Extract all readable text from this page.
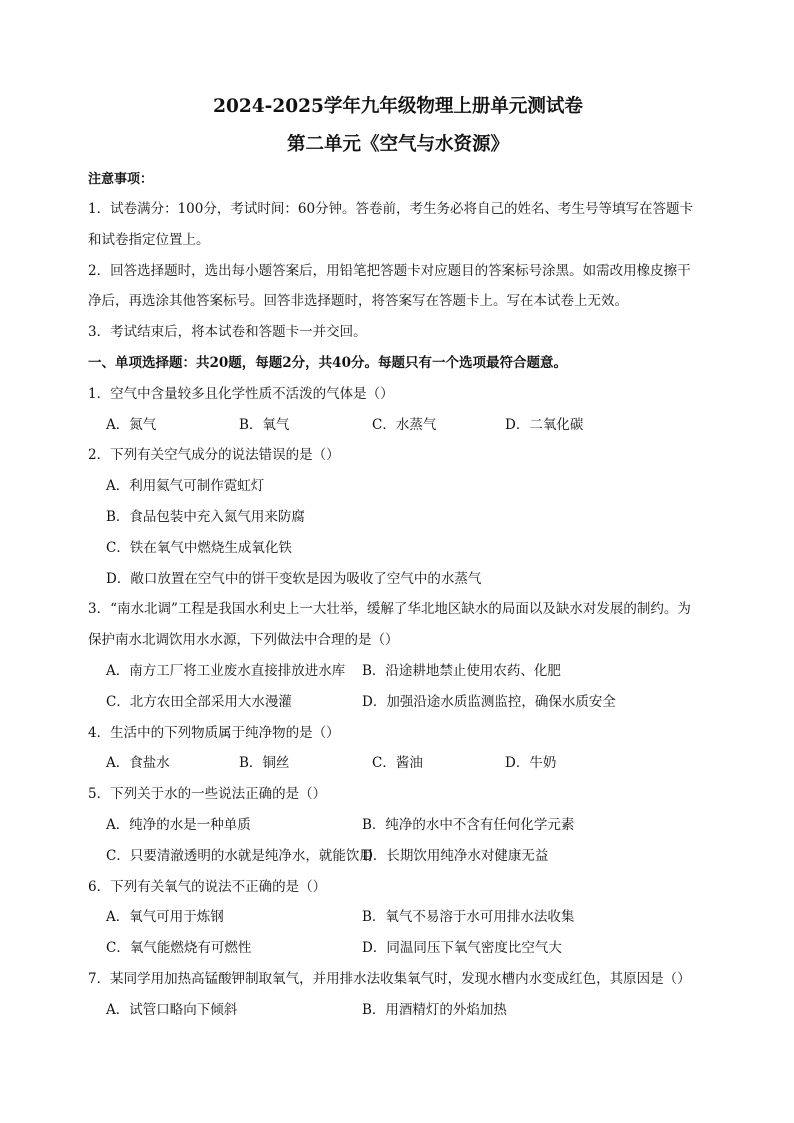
2024-2025学年九年级物理上册单元测试卷
第二单元《空气与水资源》

注意事项：

1．试卷满分：100分，考试时间：60分钟。答卷前，考生务必将自己的姓名、考生号等填写在答题卡

和试卷指定位置上。

2．回答选择题时，选出每小题答案后，用铅笔把答题卡对应题目的答案标号涂黑。如需改用橡皮擦干

净后，再选涂其他答案标号。回答非选择题时，将答案写在答题卡上。写在本试卷上无效。

3．考试结束后，将本试卷和答题卡一并交回。

一、单项选择题：共20题，每题2分，共40分。每题只有一个选项最符合题意。

1．空气中含量较多且化学性质不活泼的气体是（）

A．氮气	B．氧气	C．水蒸气	D．二氧化碳

2．下列有关空气成分的说法错误的是（）

A．利用氦气可制作霓虹灯
B．食品包装中充入氮气用来防腐
C．铁在氧气中燃烧生成氧化铁
D．敞口放置在空气中的饼干变软是因为吸收了空气中的水蒸气

3．“南水北调”工程是我国水利史上一大壮举，缓解了华北地区缺水的局面以及缺水对发展的制约。为

保护南水北调饮用水水源，下列做法中合理的是（）

A．南方工厂将工业废水直接排放进水库	B．沿途耕地禁止使用农药、化肥
C．北方农田全部采用大水漫灌	D．加强沿途水质监测监控，确保水质安全

4．生活中的下列物质属于纯净物的是（）

A．食盐水	B．铜丝	C．酱油	D．牛奶

5．下列关于水的一些说法正确的是（）

A．纯净的水是一种单质	B．纯净的水中不含有任何化学元素
C．只要清澈透明的水就是纯净水，就能饮用
D．长期饮用纯净水对健康无益

6．下列有关氧气的说法不正确的是（）

A．氧气可用于炼钢	B．氧气不易溶于水可用排水法收集
C．氧气能燃烧有可燃性	D．同温同压下氧气密度比空气大

7．某同学用加热高锰酸钾制取氧气，并用排水法收集氧气时，发现水槽内水变成红色，其原因是（）

A．试管口略向下倾斜	B．用酒精灯的外焰加热
